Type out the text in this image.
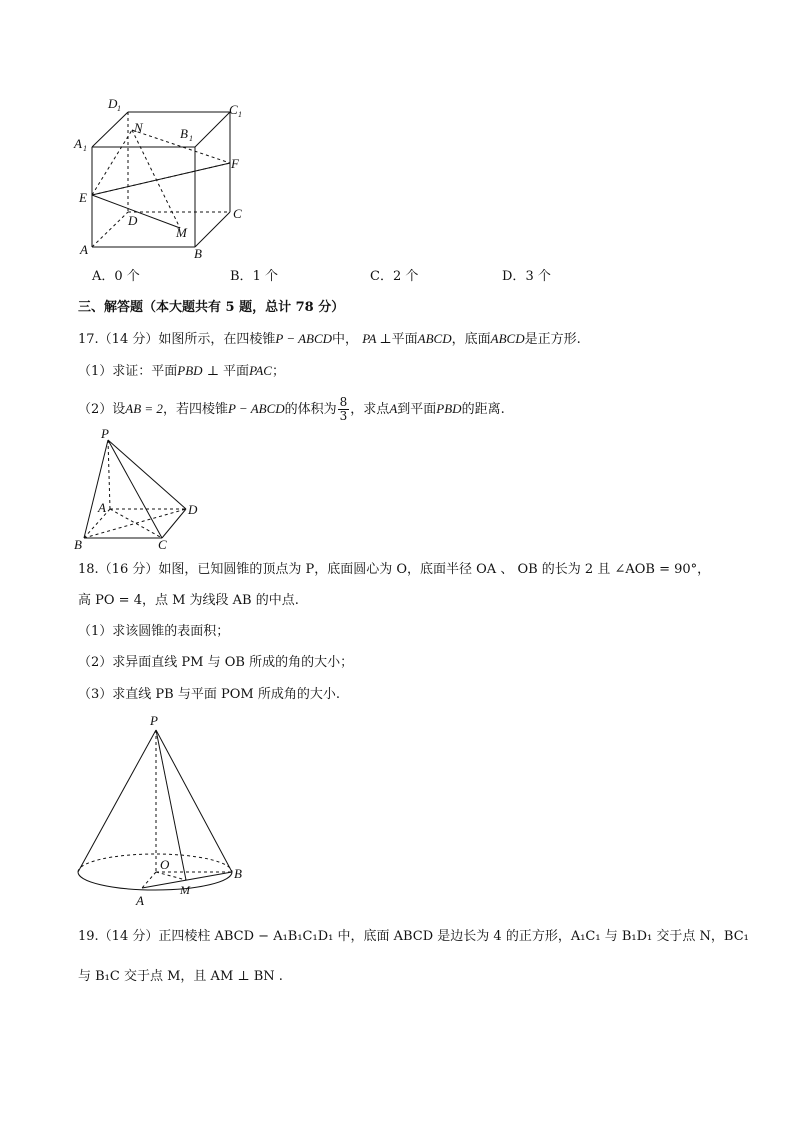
D 1	C 1
A 1
B 1
N
F
E
D	C
M
A	B
A．0 个	B．1 个	C．2 个	D．3 个
三、解答题（本大题共有 5 题，总计 78 分）
17.（14 分）如图所示，在四棱锥P − ABCD中， PA ⊥平面ABCD，底面ABCD是正方形.
（1）求证：平面PBD ⊥ 平面PAC；
（2）设AB = 2，若四棱锥P − ABCD的体积为 $\frac{8}{3}$ ，求点A到平面PBD的距离.
P
A	D
B	C
18.（16 分）如图，已知圆锥的顶点为 P，底面圆心为 O，底面半径 OA 、 OB 的长为 2 且 ∠AOB = 90°，
高 PO = 4，点 M 为线段 AB 的中点.
（1）求该圆锥的表面积；
（2）求异面直线 PM 与 OB 所成的角的大小；
（3）求直线 PB 与平面 POM 所成角的大小.
P
O
B
M
A
19.（14 分）正四棱柱 ABCD − A₁B₁C₁D₁ 中，底面 ABCD 是边长为 4 的正方形，A₁C₁ 与 B₁D₁ 交于点 N，BC₁
与 B₁C 交于点 M，且 AM ⊥ BN .
